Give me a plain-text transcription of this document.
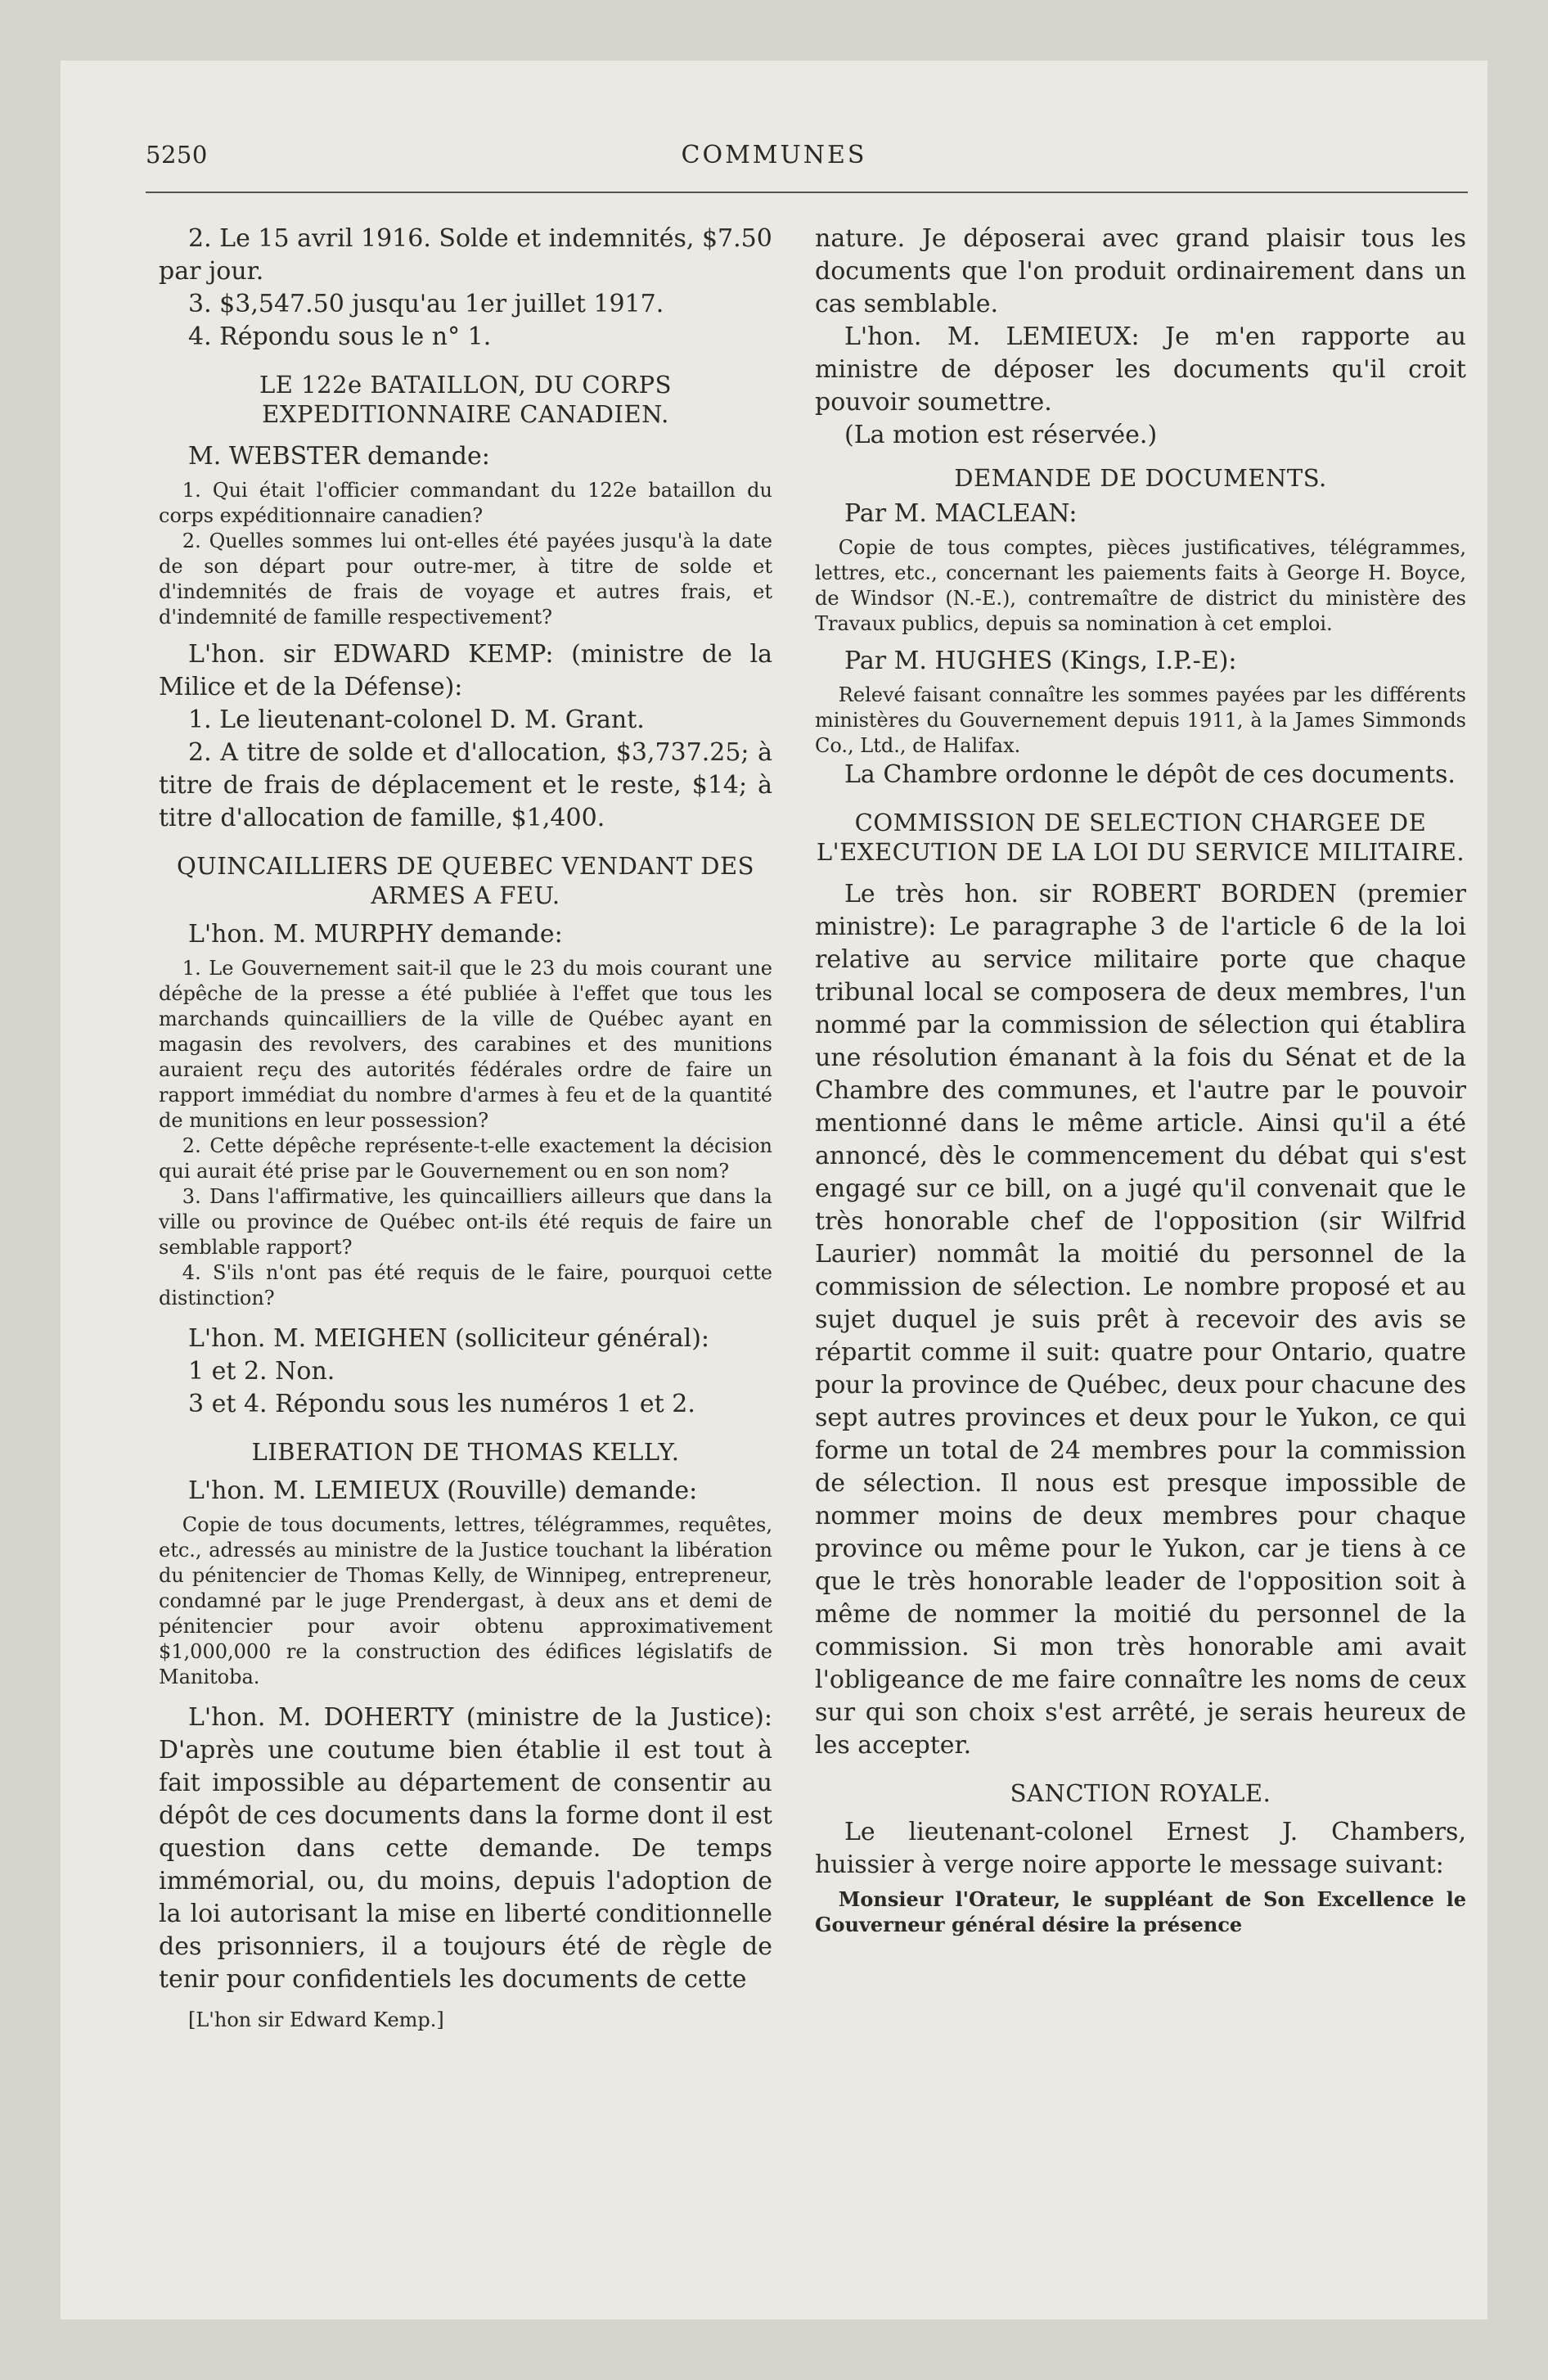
5250	COMMUNES

2. Le 15 avril 1916. Solde et indemnités, $7.50 par jour.

3. $3,547.50 jusqu'au 1er juillet 1917.

4. Répondu sous le n° 1.

LE 122e BATAILLON, DU CORPS EXPEDITIONNAIRE CANADIEN.

M. WEBSTER demande:

1. Qui était l'officier commandant du 122e bataillon du corps expéditionnaire canadien?

2. Quelles sommes lui ont-elles été payées jusqu'à la date de son départ pour outre-mer, à titre de solde et d'indemnités de frais de voyage et autres frais, et d'indemnité de famille respectivement?

L'hon. sir EDWARD KEMP: (ministre de la Milice et de la Défense):

1. Le lieutenant-colonel D. M. Grant.

2. A titre de solde et d'allocation, $3,737.25; à titre de frais de déplacement et le reste, $14; à titre d'allocation de famille, $1,400.

QUINCAILLIERS DE QUEBEC VENDANT DES ARMES A FEU.

L'hon. M. MURPHY demande:

1. Le Gouvernement sait-il que le 23 du mois courant une dépêche de la presse a été publiée à l'effet que tous les marchands quincailliers de la ville de Québec ayant en magasin des revolvers, des carabines et des munitions auraient reçu des autorités fédérales ordre de faire un rapport immédiat du nombre d'armes à feu et de la quantité de munitions en leur possession?

2. Cette dépêche représente-t-elle exactement la décision qui aurait été prise par le Gouvernement ou en son nom?

3. Dans l'affirmative, les quincailliers ailleurs que dans la ville ou province de Québec ont-ils été requis de faire un semblable rapport?

4. S'ils n'ont pas été requis de le faire, pourquoi cette distinction?

L'hon. M. MEIGHEN (solliciteur général):

1 et 2. Non.

3 et 4. Répondu sous les numéros 1 et 2.

LIBERATION DE THOMAS KELLY.

L'hon. M. LEMIEUX (Rouville) demande:

Copie de tous documents, lettres, télégrammes, requêtes, etc., adressés au ministre de la Justice touchant la libération du pénitencier de Thomas Kelly, de Winnipeg, entrepreneur, condamné par le juge Prendergast, à deux ans et demi de pénitencier pour avoir obtenu approximativement $1,000,000 re la construction des édifices législatifs de Manitoba.

L'hon. M. DOHERTY (ministre de la Justice): D'après une coutume bien établie il est tout à fait impossible au département de consentir au dépôt de ces documents dans la forme dont il est question dans cette demande. De temps immémorial, ou, du moins, depuis l'adoption de la loi autorisant la mise en liberté conditionnelle des prisonniers, il a toujours été de règle de tenir pour confidentiels les documents de cette

[L'hon sir Edward Kemp.]

nature. Je déposerai avec grand plaisir tous les documents que l'on produit ordinairement dans un cas semblable.

L'hon. M. LEMIEUX: Je m'en rapporte au ministre de déposer les documents qu'il croit pouvoir soumettre.

(La motion est réservée.)

DEMANDE DE DOCUMENTS.

Par M. MACLEAN:

Copie de tous comptes, pièces justificatives, télégrammes, lettres, etc., concernant les paiements faits à George H. Boyce, de Windsor (N.-E.), contremaître de district du ministère des Travaux publics, depuis sa nomination à cet emploi.

Par M. HUGHES (Kings, I.P.-E):

Relevé faisant connaître les sommes payées par les différents ministères du Gouvernement depuis 1911, à la James Simmonds Co., Ltd., de Halifax.

La Chambre ordonne le dépôt de ces documents.

COMMISSION DE SELECTION CHARGEE DE L'EXECUTION DE LA LOI DU SERVICE MILITAIRE.

Le très hon. sir ROBERT BORDEN (premier ministre): Le paragraphe 3 de l'article 6 de la loi relative au service militaire porte que chaque tribunal local se composera de deux membres, l'un nommé par la commission de sélection qui établira une résolution émanant à la fois du Sénat et de la Chambre des communes, et l'autre par le pouvoir mentionné dans le même article. Ainsi qu'il a été annoncé, dès le commencement du débat qui s'est engagé sur ce bill, on a jugé qu'il convenait que le très honorable chef de l'opposition (sir Wilfrid Laurier) nommât la moitié du personnel de la commission de sélection. Le nombre proposé et au sujet duquel je suis prêt à recevoir des avis se répartit comme il suit: quatre pour Ontario, quatre pour la province de Québec, deux pour chacune des sept autres provinces et deux pour le Yukon, ce qui forme un total de 24 membres pour la commission de sélection. Il nous est presque impossible de nommer moins de deux membres pour chaque province ou même pour le Yukon, car je tiens à ce que le très honorable leader de l'opposition soit à même de nommer la moitié du personnel de la commission. Si mon très honorable ami avait l'obligeance de me faire connaître les noms de ceux sur qui son choix s'est arrêté, je serais heureux de les accepter.

SANCTION ROYALE.

Le lieutenant-colonel Ernest J. Chambers, huissier à verge noire apporte le message suivant:

Monsieur l'Orateur, le suppléant de Son Excellence le Gouverneur général désire la présence
